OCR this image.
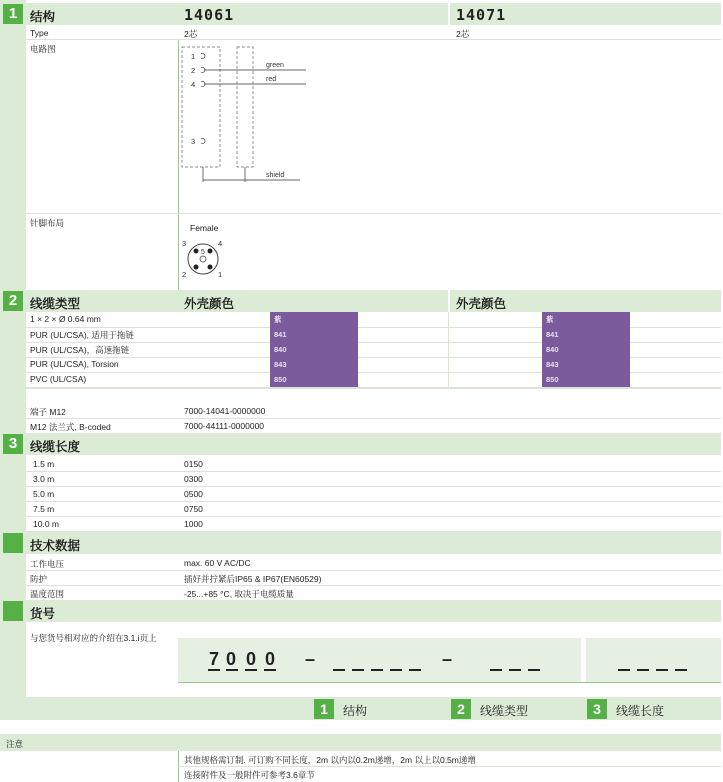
1	结构	14061	14071
Type	2芯	2芯
电路图
1
2
4
3
green
red
shield
针脚布局	Female
3
5
4
2	1
2	线缆类型	外壳颜色	外壳颜色
1 × 2 × Ø 0.64 mm	紫	紫
PUR (UL/CSA), 适用于拖链	841	841
PUR (UL/CSA)，高速拖链	840	840
PUR (UL/CSA), Torsion	843	843
PVC (UL/CSA)	850	850
端子 M12	7000-14041-0000000
M12 法兰式, B-coded	7000-44111-0000000
3	线缆长度
1.5 m	0150
3.0 m	0300
5.0 m	0500
7.5 m	0750
10.0 m	1000
技术数据
工作电压	max. 60 V AC/DC
防护	插好并拧紧后IP65 & IP67(EN60529)
温度范围	-25...+85 °C, 取决于电缆质量
货号
与您货号相对应的介绍在3.1.i页上
7 0 0 0 –	–
1	结构	2	线缆类型	3	线缆长度
注意
其他规格需订制. 可订购不同长度，2m 以内以0.2m递增，2m 以上以0.5m递增
连接附件及一般附件可参考3.6章节
